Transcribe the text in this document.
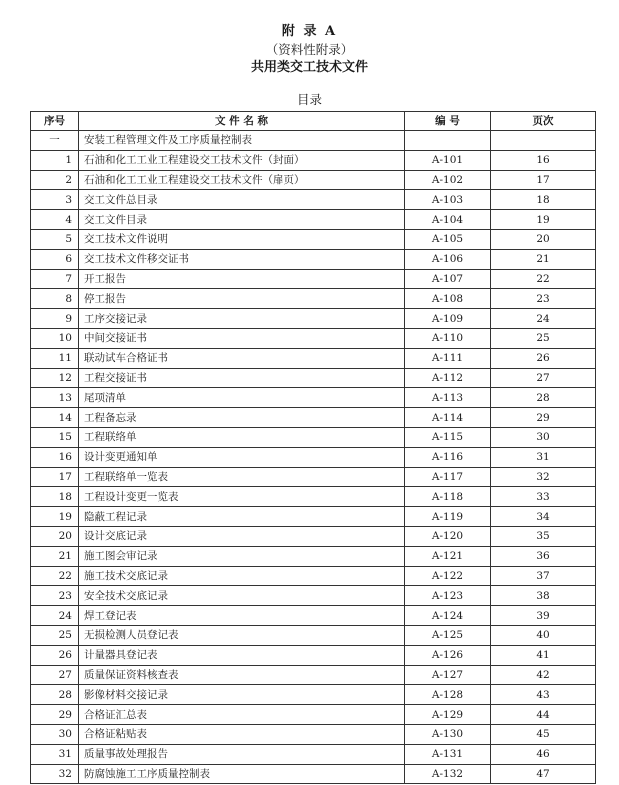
附 录 A
（资料性附录）
共用类交工技术文件
目录
序号	文 件 名 称	编 号	页次
一	安装工程管理文件及工序质量控制表		
1	石油和化工工业工程建设交工技术文件（封面）	A-101	16
2	石油和化工工业工程建设交工技术文件（扉页）	A-102	17
3	交工文件总目录	A-103	18
4	交工文件目录	A-104	19
5	交工技术文件说明	A-105	20
6	交工技术文件移交证书	A-106	21
7	开工报告	A-107	22
8	停工报告	A-108	23
9	工序交接记录	A-109	24
10	中间交接证书	A-110	25
11	联动试车合格证书	A-111	26
12	工程交接证书	A-112	27
13	尾项清单	A-113	28
14	工程备忘录	A-114	29
15	工程联络单	A-115	30
16	设计变更通知单	A-116	31
17	工程联络单一览表	A-117	32
18	工程设计变更一览表	A-118	33
19	隐蔽工程记录	A-119	34
20	设计交底记录	A-120	35
21	施工图会审记录	A-121	36
22	施工技术交底记录	A-122	37
23	安全技术交底记录	A-123	38
24	焊工登记表	A-124	39
25	无损检测人员登记表	A-125	40
26	计量器具登记表	A-126	41
27	质量保证资料核查表	A-127	42
28	影像材料交接记录	A-128	43
29	合格证汇总表	A-129	44
30	合格证粘贴表	A-130	45
31	质量事故处理报告	A-131	46
32	防腐蚀施工工序质量控制表	A-132	47
